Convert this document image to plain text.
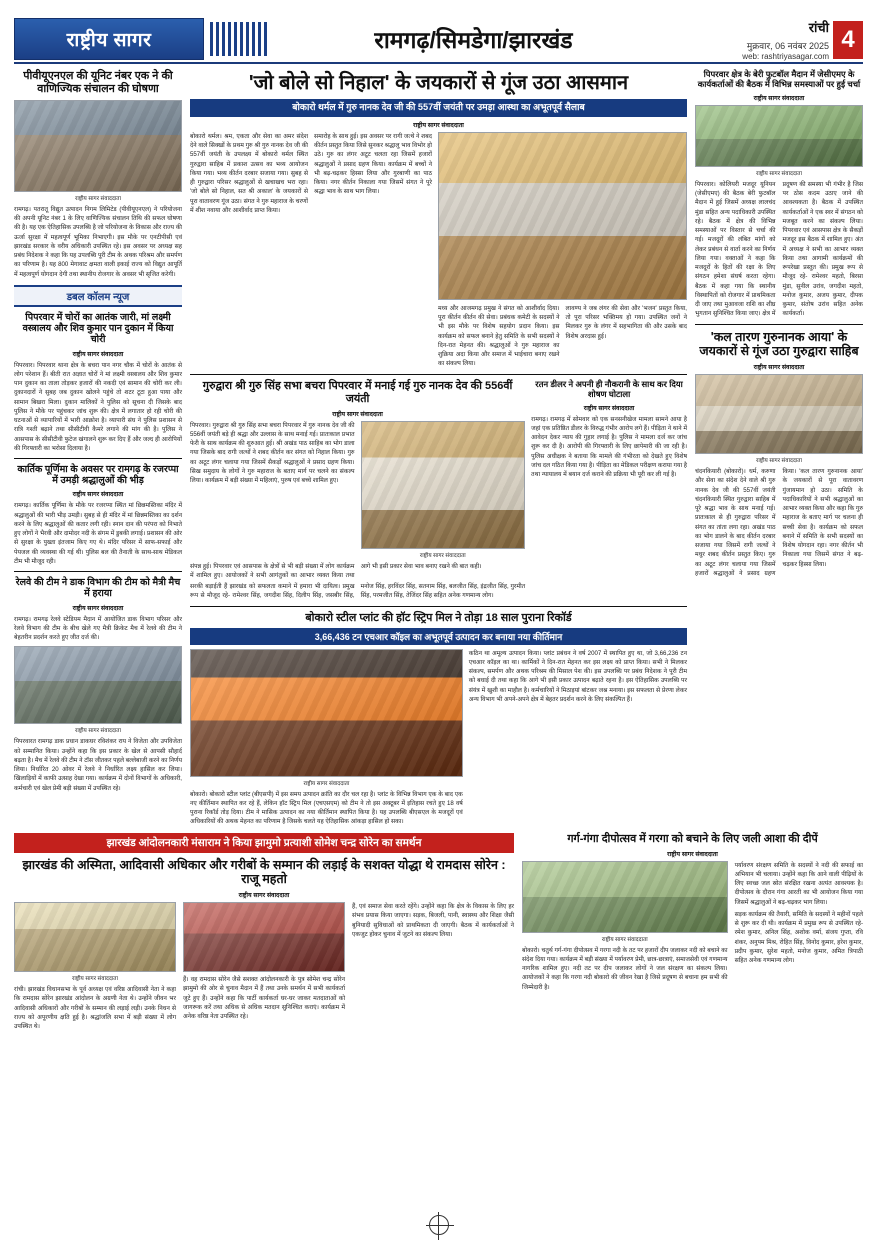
राष्ट्रीय सागर	रामगढ़/सिमडेगा/झारखंड	रांची
मुक्रवार, 06 नवंबर 2025
web: rashtriyasagar.com
4
पीवीयूएनएल की यूनिट नंबर एक ने की वाणिज्यिक संचालन की घोषणा
राष्ट्रीय सागर संवाददाता
रामगढ़। पतरातू विद्युत उत्पादन निगम लिमिटेड (पीवीयूएनएल) ने परियोजना की अपनी यूनिट नंबर 1 के लिए वाणिज्यिक संचालन तिथि की सफल घोषणा की है। यह एक ऐतिहासिक उपलब्धि है जो परियोजना के विकास और राज्य की ऊर्जा सुरक्षा में महत्वपूर्ण भूमिका निभाएगी। इस मौके पर एनटीपीसी एवं झारखंड सरकार के वरीय अधिकारी उपस्थित रहे। इस अवसर पर अध्यक्ष सह प्रबंध निदेशक ने कहा कि यह उपलब्धि पूरी टीम के अथक परिश्रम और समर्पण का परिणाम है। यह 800 मेगावाट क्षमता वाली इकाई राज्य को विद्युत आपूर्ति में महत्वपूर्ण योगदान देगी तथा स्थानीय रोजगार के अवसर भी सृजित करेगी।
डबल कॉलम न्यूज
पिपरवार में चोरों का आतंक जारी, मां लक्ष्मी वस्त्रालय और शिव कुमार पान दुकान में किया चोरी
राष्ट्रीय सागर संवाददाता
पिपरवार। पिपरवार थाना क्षेत्र के बचरा पान नगर चौक में चोरों के आतंक से लोग परेशान हैं। बीती रात अज्ञात चोरों ने मां लक्ष्मी वस्त्रालय और शिव कुमार पान दुकान का ताला तोड़कर हजारों की नकदी एवं सामान की चोरी कर ली। दुकानदारों ने सुबह जब दुकान खोलने पहुंचे तो शटर टूटा हुआ पाया और सामान बिखरा मिला। दुकान मालिकों ने पुलिस को सूचना दी जिसके बाद पुलिस ने मौके पर पहुंचकर जांच शुरू की। क्षेत्र में लगातार हो रही चोरी की घटनाओं से व्यापारियों में भारी आक्रोश है। व्यापारी संघ ने पुलिस प्रशासन से रात्रि गश्ती बढ़ाने तथा सीसीटीवी कैमरे लगाने की मांग की है। पुलिस ने आसपास के सीसीटीवी फुटेज खंगालने शुरू कर दिए हैं और जल्द ही आरोपियों की गिरफ्तारी का भरोसा दिलाया है।
कार्तिक पूर्णिमा के अवसर पर रामगढ़ के रजरप्पा में उमड़ी श्रद्धालुओं की भीड़
राष्ट्रीय सागर संवाददाता
रामगढ़। कार्तिक पूर्णिमा के मौके पर रजरप्पा स्थित मां छिन्नमस्तिका मंदिर में श्रद्धालुओं की भारी भीड़ उमड़ी। सुबह से ही मंदिर में मां छिन्नमस्तिका का दर्शन करने के लिए श्रद्धालुओं की कतार लगी रही। स्नान दान की परंपरा को निभाते हुए लोगों ने भैरवी और दामोदर नदी के संगम में डुबकी लगाई। प्रशासन की ओर से सुरक्षा के पुख्ता इंतजाम किए गए थे। मंदिर परिसर में साफ-सफाई और पेयजल की व्यवस्था की गई थी। पुलिस बल की तैनाती के साथ-साथ मेडिकल टीम भी मौजूद रही।
रेलवे की टीम ने डाक विभाग की टीम को मैत्री मैच में हराया
राष्ट्रीय सागर संवाददाता
रामगढ़। रामगढ़ रेलवे स्टेडियम मैदान में आयोजित डाक विभाग परिसर और रेलवे विभाग की टीम के बीच खेले गए मैत्री क्रिकेट मैच में रेलवे की टीम ने बेहतरीन प्रदर्शन करते हुए जीत दर्ज की।
राष्ट्रीय सागर संवाददाता
पिपरवारत रामगढ़ डाक प्रधान डाकघर रविशंकर राय ने विजेता और उपविजेता को सम्मानित किया। उन्होंने कहा कि इस प्रकार के खेल से आपसी सौहार्द बढ़ता है। मैच में रेलवे की टीम ने टॉस जीतकर पहले बल्लेबाजी करने का निर्णय लिया। निर्धारित 20 ओवर में रेलवे ने निर्धारित लक्ष्य हासिल कर लिया। खिलाड़ियों में काफी उत्साह देखा गया। कार्यक्रम में दोनों विभागों के अधिकारी, कर्मचारी एवं खेल प्रेमी बड़ी संख्या में उपस्थित रहे।
'जो बोले सो निहाल' के जयकारों से गूंज उठा आसमान
बोकारो थर्मल में गुरु नानक देव जी की 557वीं जयंती पर उमड़ा आस्था का अभूतपूर्व सैलाब
राष्ट्रीय सागर संवाददाता
बोकारो थर्मल। श्रम, एकता और सेवा का अमर संदेश देने वाले सिक्खों के प्रथम गुरु श्री गुरु नानक देव जी की 557वीं जयंती के उपलक्ष्य में बोकारो थर्मल स्थित गुरुद्वारा साहिब में प्रकाश उत्सव का भव्य आयोजन किया गया। भव्य कीर्तन दरबार सजाया गया। सुबह से ही गुरुद्वारा परिसर श्रद्धालुओं से खचाखच भरा रहा। 'जो बोले सो निहाल, सत श्री अकाल' के जयकारों से पूरा वातावरण गूंज उठा। संगत ने गुरु महाराज के चरणों में शीश नवाया और आशीर्वाद प्राप्त किया।
समारोह के साथ हुई। इस अवसर पर रागी जत्थे ने शबद कीर्तन प्रस्तुत किया जिसे सुनकर श्रद्धालु भाव विभोर हो उठे। गुरु का लंगर अटूट चलता रहा जिसमें हजारों श्रद्धालुओं ने प्रसाद ग्रहण किया। कार्यक्रम में बच्चों ने भी बढ़-चढ़कर हिस्सा लिया और गुरबाणी का पाठ किया। नगर कीर्तन निकाला गया जिसमें संगत ने पूरे श्रद्धा भाव के साथ भाग लिया।
मध्य और आजमगढ़ प्रमुख ने संगत को आशीर्वाद दिया। पूरा कीर्तन कीर्तन की सेवा। प्रबंधक कमेटी के सदस्यों ने भी इस मौके पर विशेष सहयोग प्रदान किया। इस कार्यक्रम को सफल बनाने हेतु समिति के सभी सदस्यों ने दिन-रात मेहनत की। श्रद्धालुओं ने गुरु महाराज का शुक्रिया अदा किया और समाज में भाईचारा बनाए रखने का संकल्प लिया।
लावण्य ने जब लंगर की सेवा और 'भजन' प्रस्तुत किया, तो पूरा परिसर भक्तिमय हो गया। उपस्थित जनों ने मिलकर गुरु के लंगर में सहभागिता की और उसके बाद विशेष अरदास हुई।
गुरुद्वारा श्री गुरु सिंह सभा बचरा पिपरवार में मनाई गई गुरु नानक देव की 556वीं जयंती
राष्ट्रीय सागर संवाददाता
पिपरवार। गुरुद्वारा श्री गुरु सिंह सभा बचरा पिपरवार में गुरु नानक देव जी की 556वीं जयंती बड़े ही श्रद्धा और उल्लास के साथ मनाई गई। प्रातःकाल प्रभात फेरी के साथ कार्यक्रम की शुरुआत हुई। श्री अखंड पाठ साहिब का भोग डाला गया जिसके बाद रागी जत्थों ने शबद कीर्तन कर संगत को निहाल किया। गुरु का अटूट लंगर चलाया गया जिसमें सैकड़ों श्रद्धालुओं ने प्रसाद ग्रहण किया। सिख समुदाय के लोगों ने गुरु महाराज के बताए मार्ग पर चलने का संकल्प लिया। कार्यक्रम में बड़ी संख्या में महिलाएं, पुरुष एवं बच्चे शामिल हुए।
राष्ट्रीय सागर संवाददाता
संपन्न हुई। पिपरवार एवं आसपास के क्षेत्रों से भी बड़ी संख्या में लोग कार्यक्रम में शामिल हुए। आयोजकों ने सभी आगंतुकों का आभार व्यक्त किया तथा आगे भी इसी प्रकार सेवा भाव बनाए रखने की बात कही।
सरकी बड़ाईती हैं झारखंड को सफलता कमाने में हमारा भी दायित्व। प्रमुख रूप से मौजूद रहे- रामेश्वर सिंह, जगदीश सिंह, दिलीप सिंह, जसबीर सिंह, मनोज सिंह, हरविंदर सिंह, सतनाम सिंह, बलजीत सिंह, इंद्रजीत सिंह, गुरमीत सिंह, परमजीत सिंह, तेजिंदर सिंह सहित अनेक गणमान्य लोग।
रतन डीलर ने अपनी ही नौकरानी के साथ कर दिया शोषण घोटाला
राष्ट्रीय सागर संवाददाता
रामगढ़। रामगढ़ में सोमवार को एक सनसनीखेज मामला सामने आया है जहां एक प्रतिष्ठित डीलर के विरुद्ध गंभीर आरोप लगे हैं। पीड़िता ने थाने में आवेदन देकर न्याय की गुहार लगाई है। पुलिस ने मामला दर्ज कर जांच शुरू कर दी है। आरोपी की गिरफ्तारी के लिए छापेमारी की जा रही है। पुलिस अधीक्षक ने बताया कि मामले की गंभीरता को देखते हुए विशेष जांच दल गठित किया गया है। पीड़िता का मेडिकल परीक्षण कराया गया है तथा न्यायालय में बयान दर्ज कराने की प्रक्रिया भी पूरी कर ली गई है।
बोकारो स्टील प्लांट की हॉट स्ट्रिप मिल ने तोड़ा 18 साल पुराना रिकॉर्ड
3,66,436 टन एचआर कॉइल का अभूतपूर्व उत्पादन कर बनाया नया कीर्तिमान
राष्ट्रीय सागर संवाददाता
बोकारो। बोकारो स्टील प्लांट (बीएसपी) में इस समय उत्पादन क्रांति का दौर चल रहा है। प्लांट के विभिन्न विभाग एक के बाद एक नए कीर्तिमान स्थापित कर रहे हैं, लेकिन हॉट स्ट्रिप मिल (एचएसएम) को टीम ने तो इस अक्टूबर में इतिहास रचते हुए 18 वर्ष पुराना रिकॉर्ड तोड़ दिया। टीम ने मासिक उत्पादन का नया कीर्तिमान स्थापित किया है। यह उपलब्धि बीएसएल के मजदूरों एवं अधिकारियों की अथक मेहनत का परिणाम है जिसके चलते यह ऐतिहासिक आंकड़ा हासिल हो सका।
कठिन था अमूल्य उत्पादन किया। प्लांट प्रबंधन ने वर्ष 2007 में स्थापित हुए था, जो 3,66,236 टन एचआर कॉइल का था। कार्मिकों ने दिन-रात मेहनत कर इस लक्ष्य को प्राप्त किया। सभी ने मिलकर संकल्प, समर्पण और अथक परिश्रम की मिसाल पेश की। इस उपलब्धि पर प्रबंध निदेशक ने पूरी टीम को बधाई दी तथा कहा कि आगे भी इसी प्रकार उत्पादन बढ़ाते रहना है। इस ऐतिहासिक उपलब्धि पर संयंत्र में खुशी का माहौल है। कर्मचारियों ने मिठाइयां बांटकर जश्न मनाया। इस सफलता से प्रेरणा लेकर अन्य विभाग भी अपने-अपने क्षेत्र में बेहतर प्रदर्शन करने के लिए संकल्पित हैं।
पिपरवार क्षेत्र के बेरी फुटबॉल मैदान में जेसीएमए के कार्यकर्ताओं की बैठक में विभिन्न समस्याओं पर हुई चर्चा
राष्ट्रीय सागर संवाददाता
राष्ट्रीय सागर संवाददाता
पिपरवार। कोलियरी मजदूर यूनियन (जेसीएमए) की बैठक बेरी फुटबॉल मैदान में हुई जिसमें अध्यक्ष लालचंद मुंडा सहित अन्य पदाधिकारी उपस्थित रहे। बैठक में क्षेत्र की विभिन्न समस्याओं पर विस्तार से चर्चा की गई। मजदूरों की लंबित मांगों को लेकर प्रबंधन से वार्ता करने का निर्णय लिया गया। वक्ताओं ने कहा कि मजदूरों के हितों की रक्षा के लिए संगठन हमेशा संघर्ष करता रहेगा। बैठक में कहा गया कि स्थानीय विस्थापितों को रोजगार में प्राथमिकता दी जाए तथा मुआवजा राशि का शीघ्र भुगतान सुनिश्चित किया जाए। क्षेत्र में प्रदूषण की समस्या भी गंभीर है जिस पर ठोस कदम उठाए जाने की आवश्यकता है। बैठक में उपस्थित कार्यकर्ताओं ने एक स्वर में संगठन को मजबूत करने का संकल्प लिया। पिपरवार एवं आसपास क्षेत्र के सैकड़ों मजदूर इस बैठक में शामिल हुए। अंत में अध्यक्ष ने सभी का आभार व्यक्त किया तथा आगामी कार्यक्रमों की रूपरेखा प्रस्तुत की। प्रमुख रूप से मौजूद रहे- रामेश्वर महतो, बिरसा मुंडा, सुनील उरांव, जगदीश महतो, मनोज कुमार, अजय कुमार, दीपक कुमार, संतोष उरांव सहित अनेक कार्यकर्ता।
'कल तारण गुरुनानक आया' के जयकारों से गूंज उठा गुरुद्वारा साहिब
राष्ट्रीय सागर संवाददाता
राष्ट्रीय सागर संवाददाता
चंदनकियारी (बोकारो)। धर्म, करुणा और सेवा का संदेश देने वाले श्री गुरु नानक देव जी की 557वीं जयंती चंदनकियारी स्थित गुरुद्वारा साहिब में पूरे श्रद्धा भाव के साथ मनाई गई। प्रातःकाल से ही गुरुद्वारा परिसर में संगत का तांता लगा रहा। अखंड पाठ का भोग डालने के बाद कीर्तन दरबार सजाया गया जिसमें रागी जत्थों ने मधुर शबद कीर्तन प्रस्तुत किए। गुरु का अटूट लंगर चलाया गया जिसमें हजारों श्रद्धालुओं ने प्रसाद ग्रहण किया। 'कल तारण गुरुनानक आया' के जयकारों से पूरा वातावरण गुंजायमान हो उठा। समिति के पदाधिकारियों ने सभी श्रद्धालुओं का आभार व्यक्त किया और कहा कि गुरु महाराज के बताए मार्ग पर चलना ही सच्ची सेवा है। कार्यक्रम को सफल बनाने में समिति के सभी सदस्यों का विशेष योगदान रहा। नगर कीर्तन भी निकाला गया जिसमें संगत ने बढ़-चढ़कर हिस्सा लिया।
झारखंड आंदोलनकारी मंसाराम ने किया झामुमो प्रत्याशी सोमेश चन्द्र सोरेन का समर्थन
झारखंड की अस्मिता, आदिवासी अधिकार और गरीबों के सम्मान की लड़ाई के सशक्त योद्धा थे रामदास सोरेन : राजू महतो
राष्ट्रीय सागर संवाददाता
राष्ट्रीय सागर संवाददाता
रांची। झारखंड विधानसभा के पूर्व अध्यक्ष एवं वरिष्ठ आदिवासी नेता ने कहा कि रामदास सोरेन झारखंड आंदोलन के अग्रणी नेता थे। उन्होंने जीवन भर आदिवासी अधिकारों और गरीबों के सम्मान की लड़ाई लड़ी। उनके निधन से राज्य को अपूरणीय क्षति हुई है। श्रद्धांजलि सभा में बड़ी संख्या में लोग उपस्थित थे।
हैं। वह रामदास सोरेन जैसे सशक्त आंदोलनकारी के पुत्र सोमेश चन्द्र सोरेन झामुमो की ओर से चुनाव मैदान में हैं तथा उनके समर्थन में सभी कार्यकर्ता जुटे हुए हैं। उन्होंने कहा कि पार्टी कार्यकर्ता घर-घर जाकर मतदाताओं को जागरूक करें तथा अधिक से अधिक मतदान सुनिश्चित कराएं। कार्यक्रम में अनेक वरिष्ठ नेता उपस्थित रहे।
हैं, एवं समाज सेवा करते रहेंगे। उन्होंने कहा कि क्षेत्र के विकास के लिए हर संभव प्रयास किया जाएगा। सड़क, बिजली, पानी, स्वास्थ्य और शिक्षा जैसी बुनियादी सुविधाओं को प्राथमिकता दी जाएगी। बैठक में कार्यकर्ताओं ने एकजुट होकर चुनाव में जुटने का संकल्प लिया।
गर्ग-गंगा दीपोत्सव में गरगा को बचाने के लिए जली आशा की दीपें
राष्ट्रीय सागर संवाददाता
राष्ट्रीय सागर संवाददाता
बोकारो। चतुर्थ गर्ग-गंगा दीपोत्सव में गरगा नदी के तट पर हजारों दीप जलाकर नदी को बचाने का संदेश दिया गया। कार्यक्रम में बड़ी संख्या में पर्यावरण प्रेमी, छात्र-छात्राएं, समाजसेवी एवं गणमान्य नागरिक शामिल हुए। नदी तट पर दीप जलाकर लोगों ने जल संरक्षण का संकल्प लिया। आयोजकों ने कहा कि गरगा नदी बोकारो की जीवन रेखा है जिसे प्रदूषण से बचाना हम सभी की जिम्मेदारी है।
पर्यावरण संरक्षण समिति के सदस्यों ने नदी की सफाई का अभियान भी चलाया। उन्होंने कहा कि आने वाली पीढ़ियों के लिए स्वच्छ जल स्रोत संरक्षित रखना अत्यंत आवश्यक है। दीपोत्सव के दौरान गंगा आरती का भी आयोजन किया गया जिसमें श्रद्धालुओं ने बढ़-चढ़कर भाग लिया।
सड़क कार्यक्रम की तैयारी, समिति के सदस्यों ने महीनों पहले से शुरू कर दी थी। कार्यक्रम में प्रमुख रूप से उपस्थित रहे- रमेश कुमार, अनिल सिंह, अशोक वर्मा, संजय गुप्ता, रवि शंकर, अनुपम मिश्र, रोहित सिंह, विनोद कुमार, हरेश कुमार, प्रदीप कुमार, सुरेश महतो, मनोज कुमार, अमित त्रिपाठी सहित अनेक गणमान्य लोग।
